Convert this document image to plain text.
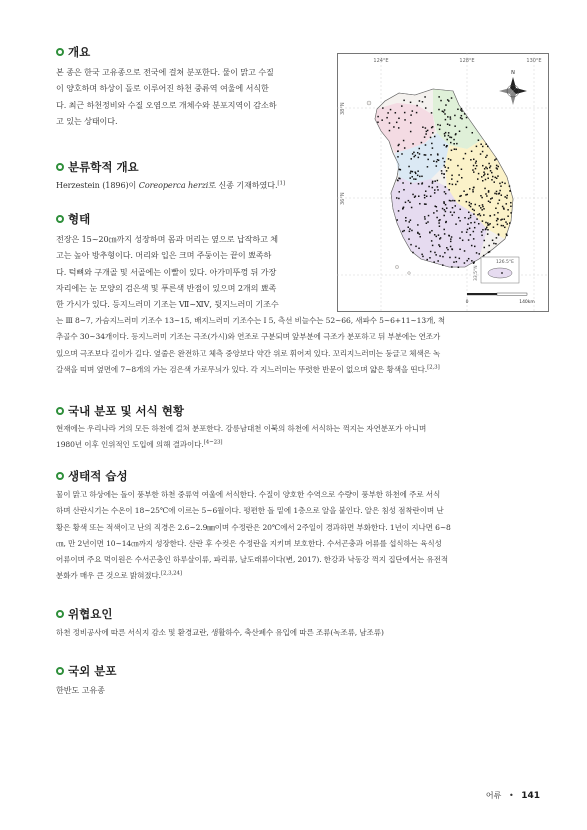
개요

본 종은 한국 고유종으로 전국에 걸쳐 분포한다. 물이 맑고 수질

이 양호하며 하상이 돌로 이루어진 하천 중류역 여울에 서식한

다. 최근 하천정비와 수질 오염으로 개체수와 분포지역이 감소하

고 있는 상태이다.

분류학적 개요

Herzestein (1896)이 Coreoperca herzi로 신종 기재하였다.[1]

형태

전장은 15~20㎝까지 성장하며 몸과 머리는 옆으로 납작하고 체

고는 높아 방추형이다. 머리와 입은 크며 주둥이는 끝이 뾰족하

다. 턱뼈와 구개골 및 서골에는 이빨이 있다. 아가미뚜껑 뒤 가장

자리에는 눈 모양의 검은색 및 푸른색 반점이 있으며 2개의 뾰족

한 가시가 있다. 등지느러미 기조는 Ⅶ~ⅪⅤ, 뒷지느러미 기조수

는 Ⅲ 8~7, 가슴지느러미 기조수 13~15, 배지느러미 기조수는 Ⅰ 5, 측선 비늘수는 52~66, 새파수 5~6+11~13개, 척

추골수 30~34개이다. 등지느러미 기조는 극조(가시)와 연조로 구분되며 앞부분에 극조가 분포하고 뒤 부분에는 연조가

있으며 극조보다 길이가 길다. 옆줄은 완전하고 체측 중앙보다 약간 위로 휘어져 있다. 꼬리지느러미는 둥글고 체색은 녹

갈색을 띠며 옆면에 7~8개의 가는 검은색 가로무늬가 있다. 각 지느러미는 뚜렷한 반문이 없으며 얇은 황색을 띤다.[2,3]

국내 분포 및 서식 현황

현재에는 우리나라 거의 모든 하천에 걸쳐 분포한다. 강릉남대천 이북의 하천에 서식하는 꺽지는 자연분포가 아니며

1980년 이후 인위적인 도입에 의해 결과이다.[4~23]

생태적 습성

물이 맑고 하상에는 돌이 풍부한 하천 중류역 여울에 서식한다. 수질이 양호한 수역으로 수량이 풍부한 하천에 주로 서식

하며 산란시기는 수온이 18~25℃에 이르는 5~6월이다. 평편한 돌 밑에 1층으로 알을 붙인다. 알은 침성 점착란이며 난

황은 황색 또는 적색이고 난의 직경은 2.6~2.9㎜이며 수정란은 20℃에서 2주일이 경과하면 부화한다. 1년이 지나면 6~8

㎝, 만 2년이면 10~14㎝까지 성장한다. 산란 후 수컷은 수정란을 지키며 보호한다. 수서곤충과 어류를 섭식하는 육식성

어류이며 주요 먹이원은 수서곤충인 하루살이류, 파리류, 날도래류이다(변, 2017). 한강과 낙동강 꺽지 집단에서는 유전적

분화가 매우 큰 것으로 밝혀졌다.[2,3,24]

위협요인

하천 정비공사에 따른 서식지 감소 및 환경교란, 생활하수, 축산폐수 유입에 따른 조류(녹조류, 남조류)

국외 분포

한반도 고유종

124°E	128°E	130°E
38°N
36°N
N
126.5°E
33.5°N
0	140km
어류 • 141
